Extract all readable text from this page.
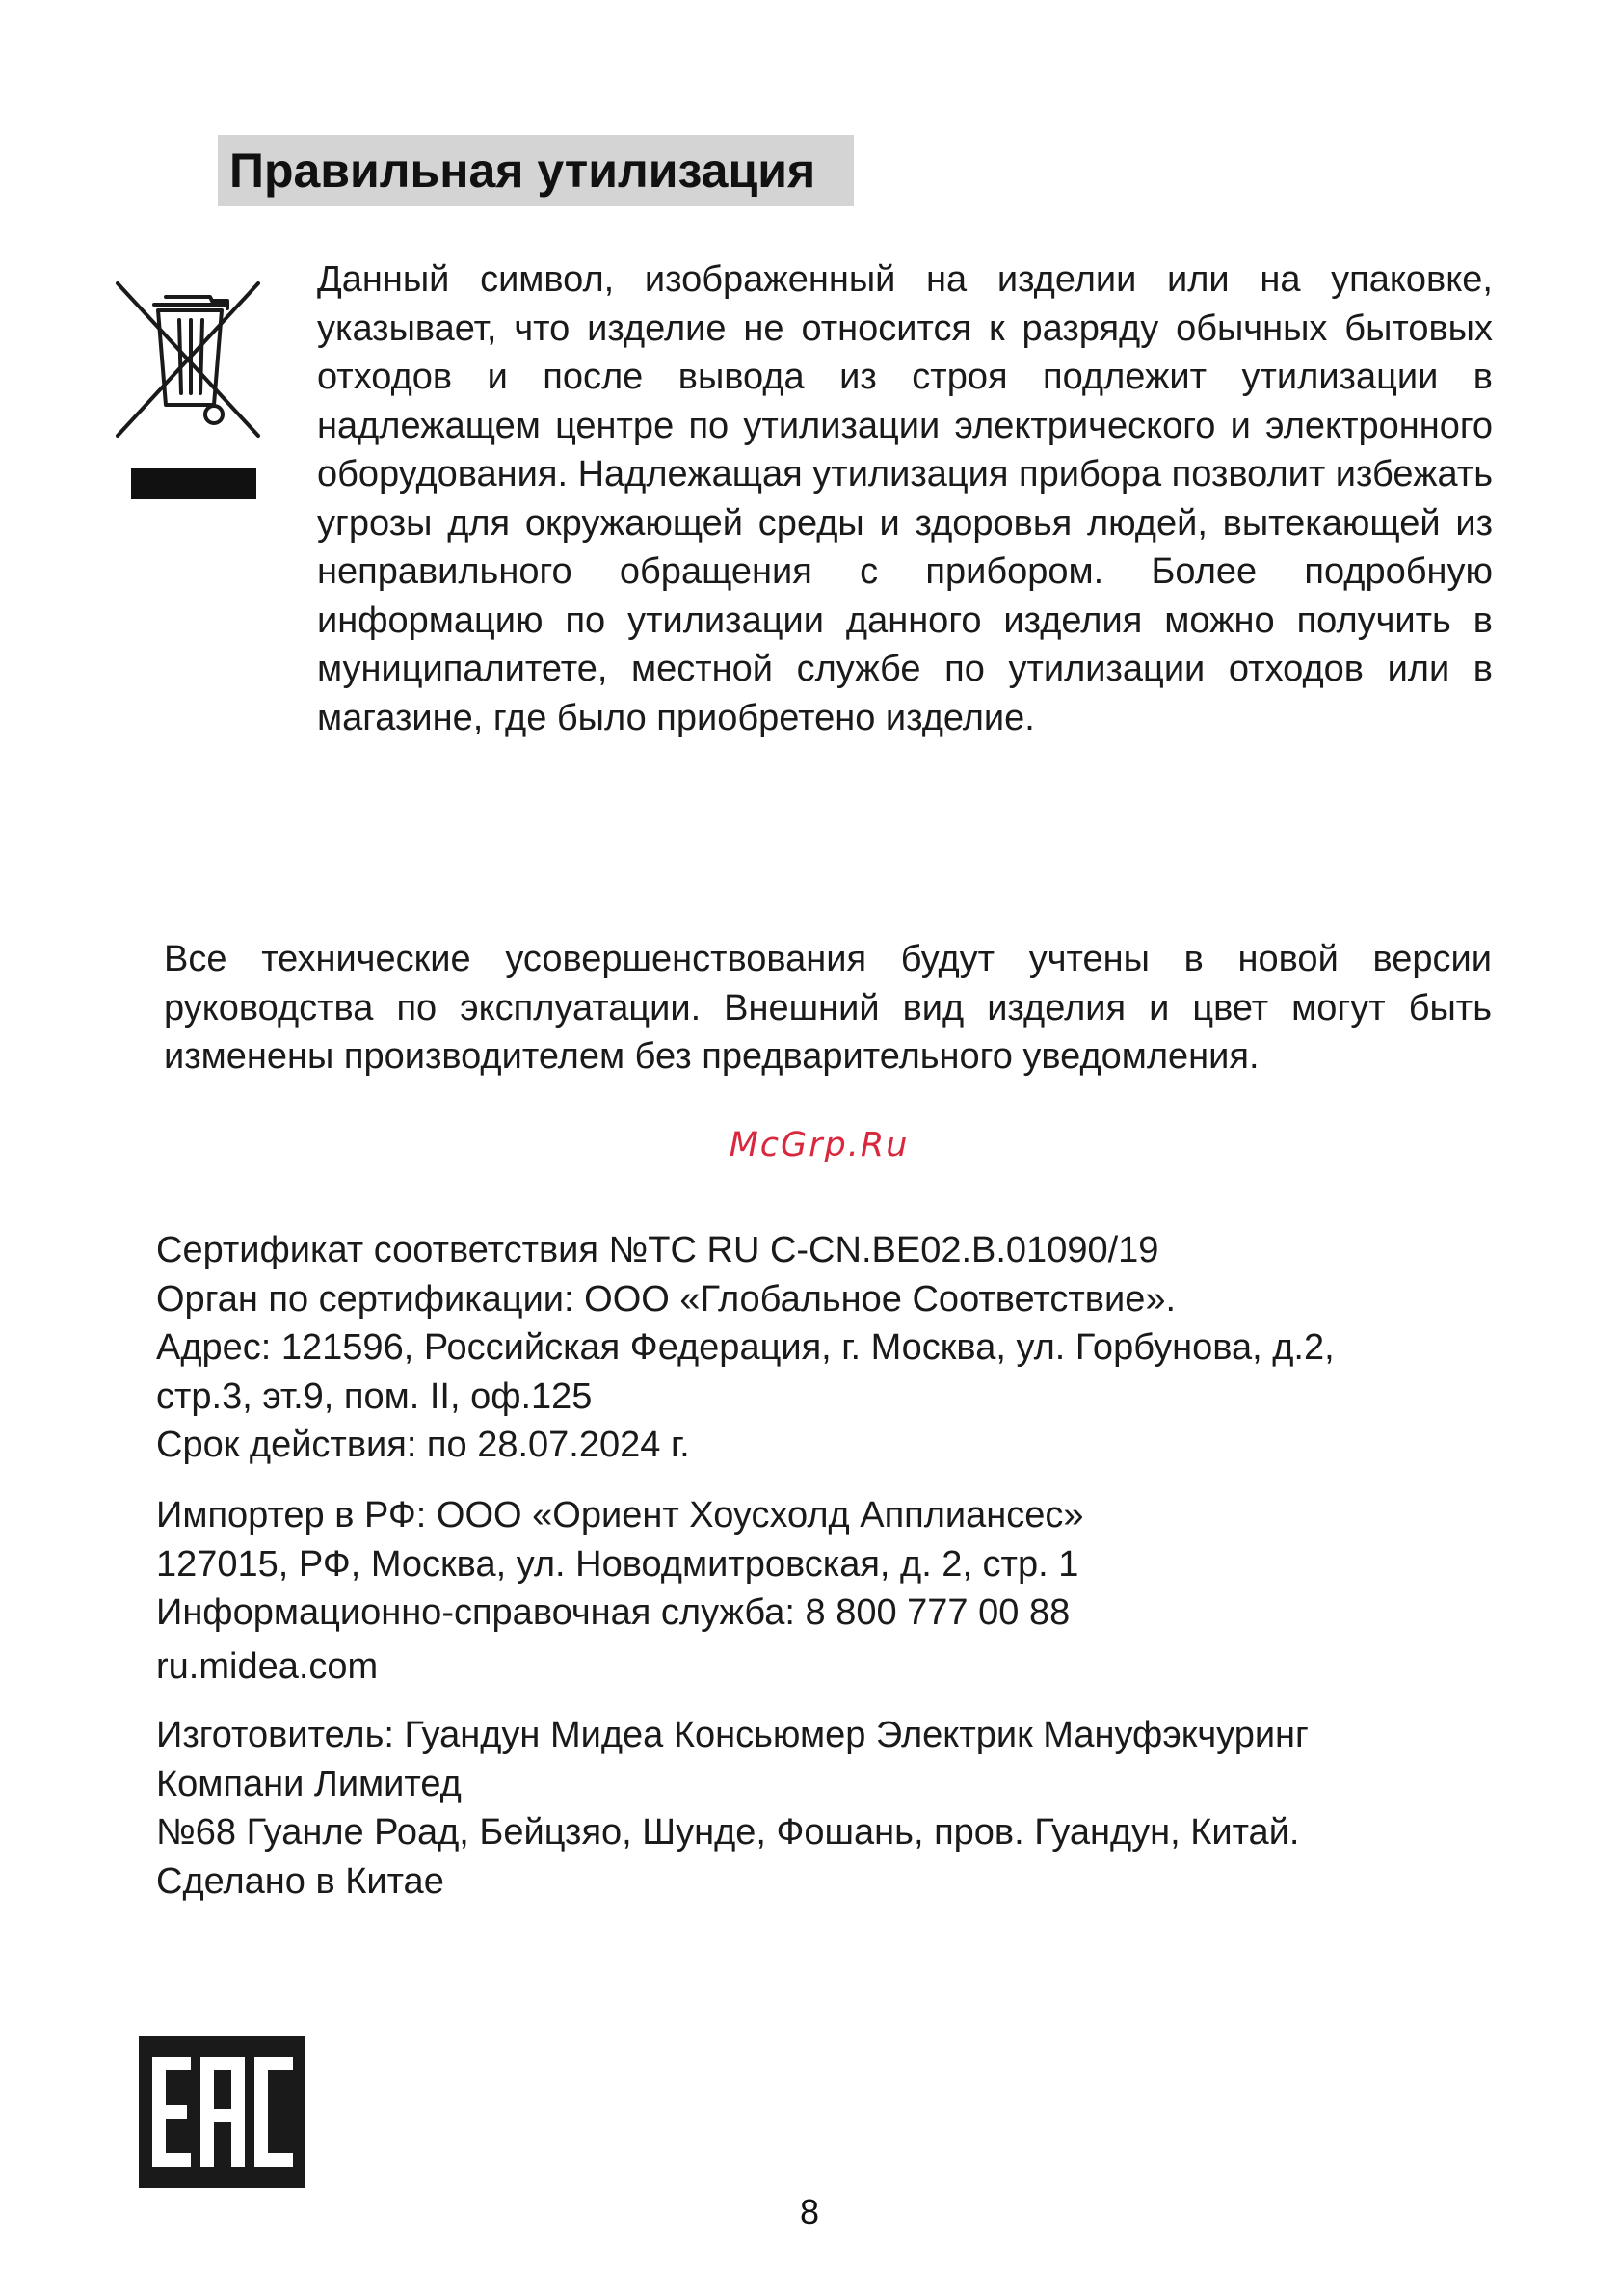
Правильная утилизация
Данный символ, изображенный на изделии или на упаковке, указывает, что изделие не относится к разряду обычных бытовых отходов и после вывода из строя подлежит утилизации в надлежащем центре по утилизации электрического и электронного оборудования. Надлежащая утилизация прибора позволит избежать угрозы для окружающей среды и здоровья людей, вытекающей из неправильного обращения с прибором. Более подробную информацию по утилизации данного изделия можно получить в муниципалитете, местной службе по утилизации отходов или в магазине, где было приобретено изделие.
Все технические усовершенствования будут учтены в новой версии руководства по эксплуатации. Внешний вид изделия и цвет могут быть изменены производителем без предварительного уведомления.
McGrp.Ru
Сертификат соответствия №ТС RU C-CN.ВЕ02.В.01090/19
Орган по сертификации: ООО «Глобальное Соответствие».
Адрес: 121596, Российская Федерация, г. Москва, ул. Горбунова, д.2,
стр.3, эт.9, пом. II, оф.125
Срок действия: по 28.07.2024 г.
Импортер в РФ: ООО «Ориент Хоусхолд Апплиансес»
127015, РФ, Москва, ул. Новодмитровская, д. 2, стр. 1
Информационно-справочная служба: 8 800 777 00 88
ru.midea.com
Изготовитель: Гуандун Мидеа Консьюмер Электрик Мануфэкчуринг
Компани Лимитед
№68 Гуанле Роад, Бейцзяо, Шунде, Фошань, пров. Гуандун, Китай.
Сделано в Китае
8
